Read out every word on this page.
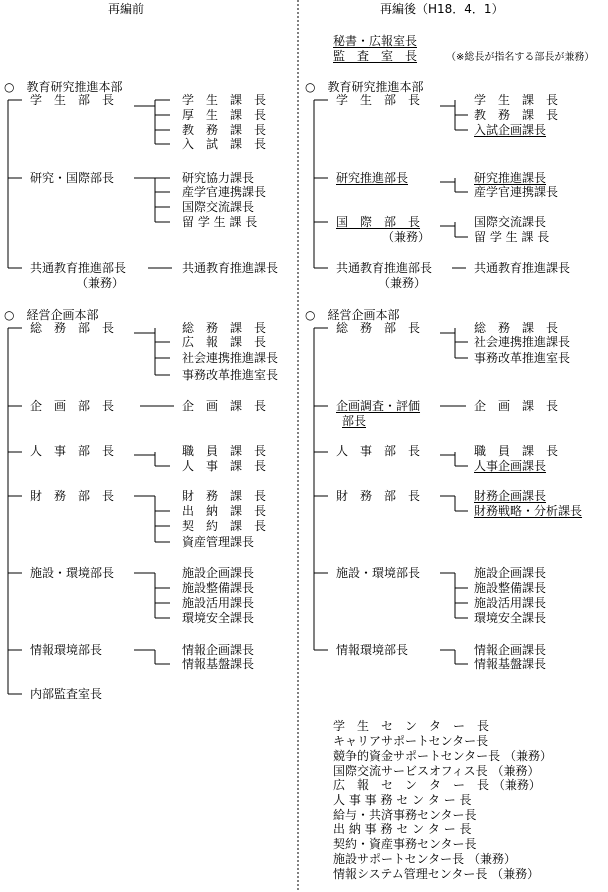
再編前	再編後（H18．4．1）
秘書・広報室長
監　査　室　長	（※総長が指名する部長が兼務）
○　教育研究推進本部
学　生　部　長	学　生　課　長
厚　生　課　長
教　務　課　長
入　試　課　長
研究・国際部長	研究協力課長
産学官連携課長
国際交流課長
留 学 生 課 長
共通教育推進部長
（兼務）
共通教育推進課長
○　経営企画本部
総　務　部　長	総　務　課　長
広　報　課　長
社会連携推進課長
事務改革推進室長
企　画　部　長	企　画　課　長
人　事　部　長	職　員　課　長
人　事　課　長
財　務　部　長	財　務　課　長
出　納　課　長
契　約　課　長
資産管理課長
施設・環境部長	施設企画課長
施設整備課長
施設活用課長
環境安全課長
情報環境部長	情報企画課長
情報基盤課長
内部監査室長
○　教育研究推進本部
学　生　部　長	学　生　課　長
教　務　課　長
入試企画課長
研究推進部長	研究推進課長
産学官連携課長
国　際　部　長
（兼務）
国際交流課長
留 学 生 課 長
共通教育推進部長
（兼務）
共通教育推進課長
○　経営企画本部
総　務　部　長	総　務　課　長
社会連携推進課長
事務改革推進室長
企画調査・評価
部長
企　画　課　長
人　事　部　長	職　員　課　長
人事企画課長
財　務　部　長	財務企画課長
財務戦略・分析課長
施設・環境部長	施設企画課長
施設整備課長
施設活用課長
環境安全課長
情報環境部長	情報企画課長
情報基盤課長
学　生　セ　ン　タ　ー　長
キャリアサポートセンター長
競争的資金サポートセンター長 （兼務）
国際交流サービスオフィス長 （兼務）
広　報　セ　ン　タ　ー　長 （兼務）
人 事 事 務 セ ン タ ー 長
給与・共済事務センター長
出 納 事 務 セ ン タ ー 長
契約・資産事務センター長
施設サポートセンター長 （兼務）
情報システム管理センター長 （兼務）
